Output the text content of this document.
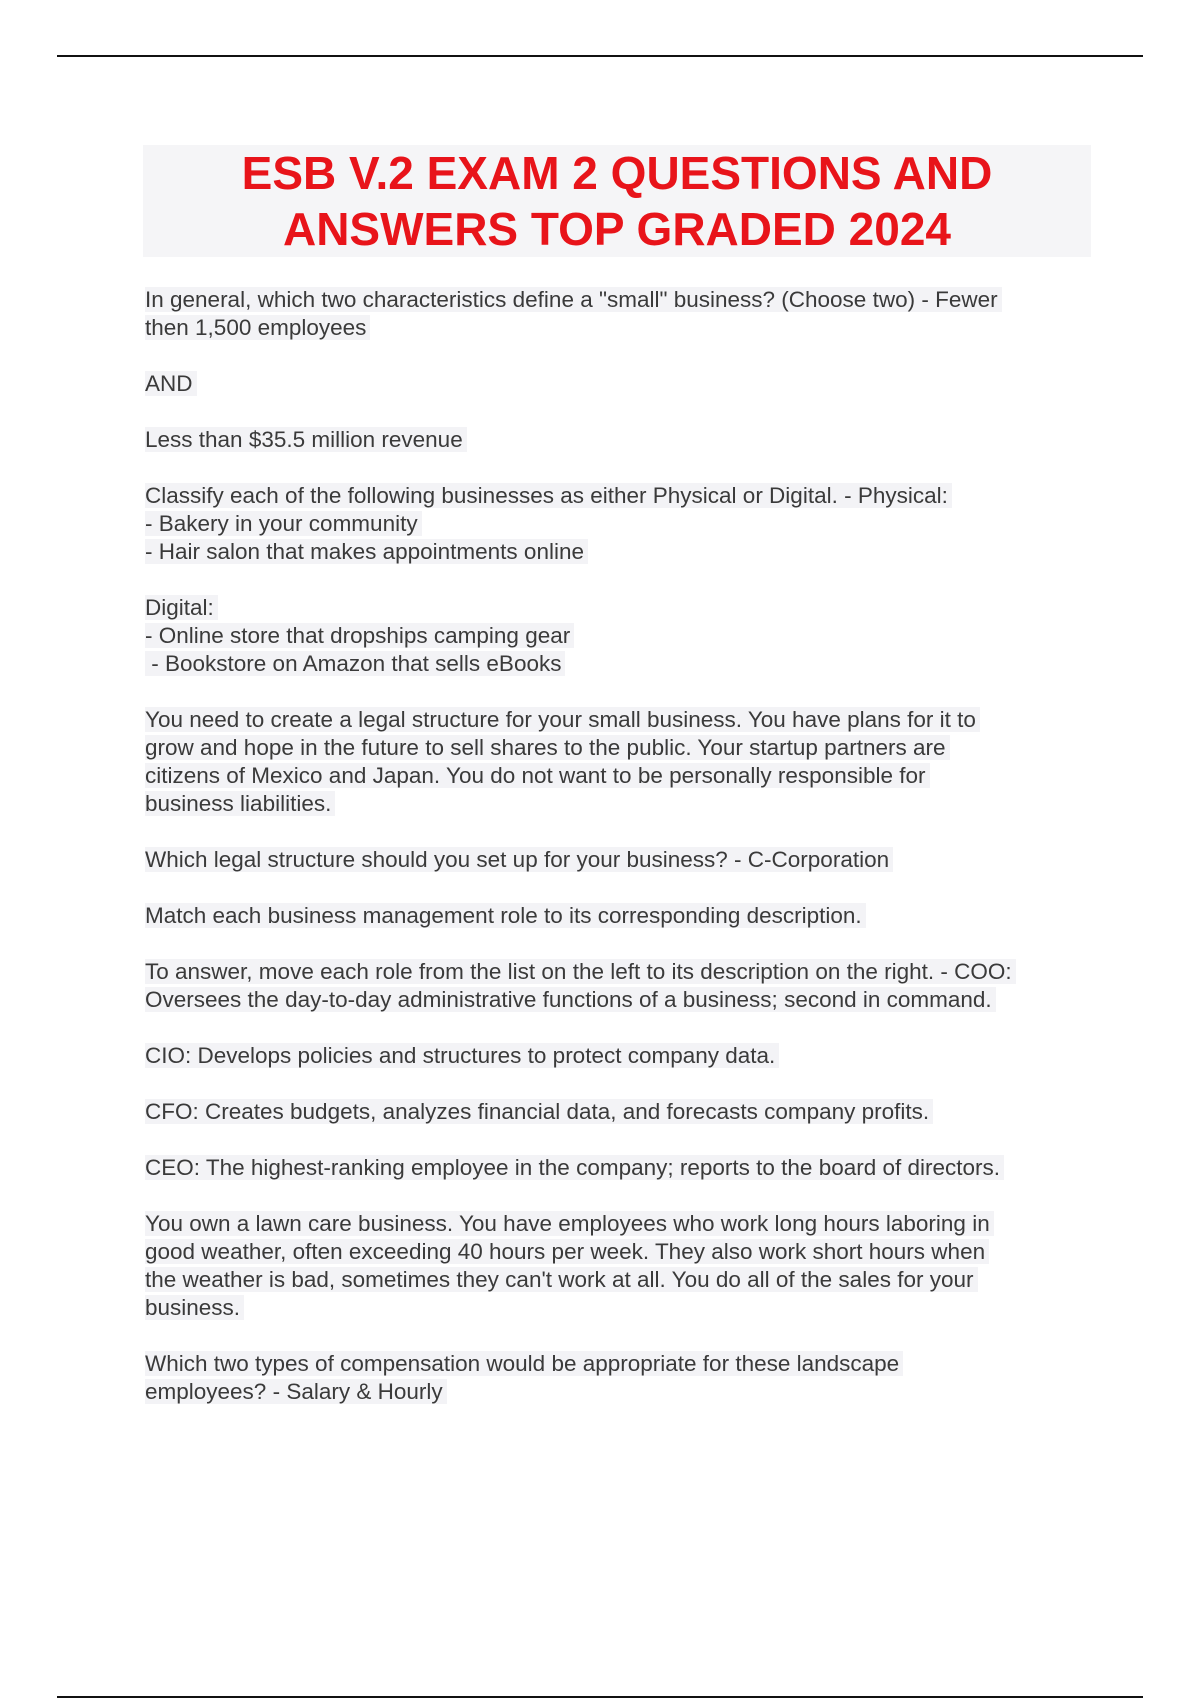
ESB V.2 EXAM 2 QUESTIONS AND
ANSWERS TOP GRADED 2024

In general, which two characteristics define a "small" business? (Choose two) - Fewer
then 1,500 employees

AND

Less than $35.5 million revenue

Classify each of the following businesses as either Physical or Digital. - Physical:
- Bakery in your community
- Hair salon that makes appointments online

Digital:
- Online store that dropships camping gear
- Bookstore on Amazon that sells eBooks

You need to create a legal structure for your small business. You have plans for it to
grow and hope in the future to sell shares to the public. Your startup partners are
citizens of Mexico and Japan. You do not want to be personally responsible for
business liabilities.

Which legal structure should you set up for your business? - C-Corporation

Match each business management role to its corresponding description.

To answer, move each role from the list on the left to its description on the right. - COO:
Oversees the day-to-day administrative functions of a business; second in command.

CIO: Develops policies and structures to protect company data.

CFO: Creates budgets, analyzes financial data, and forecasts company profits.

CEO: The highest-ranking employee in the company; reports to the board of directors.

You own a lawn care business. You have employees who work long hours laboring in
good weather, often exceeding 40 hours per week. They also work short hours when
the weather is bad, sometimes they can't work at all. You do all of the sales for your
business.

Which two types of compensation would be appropriate for these landscape
employees? - Salary & Hourly
